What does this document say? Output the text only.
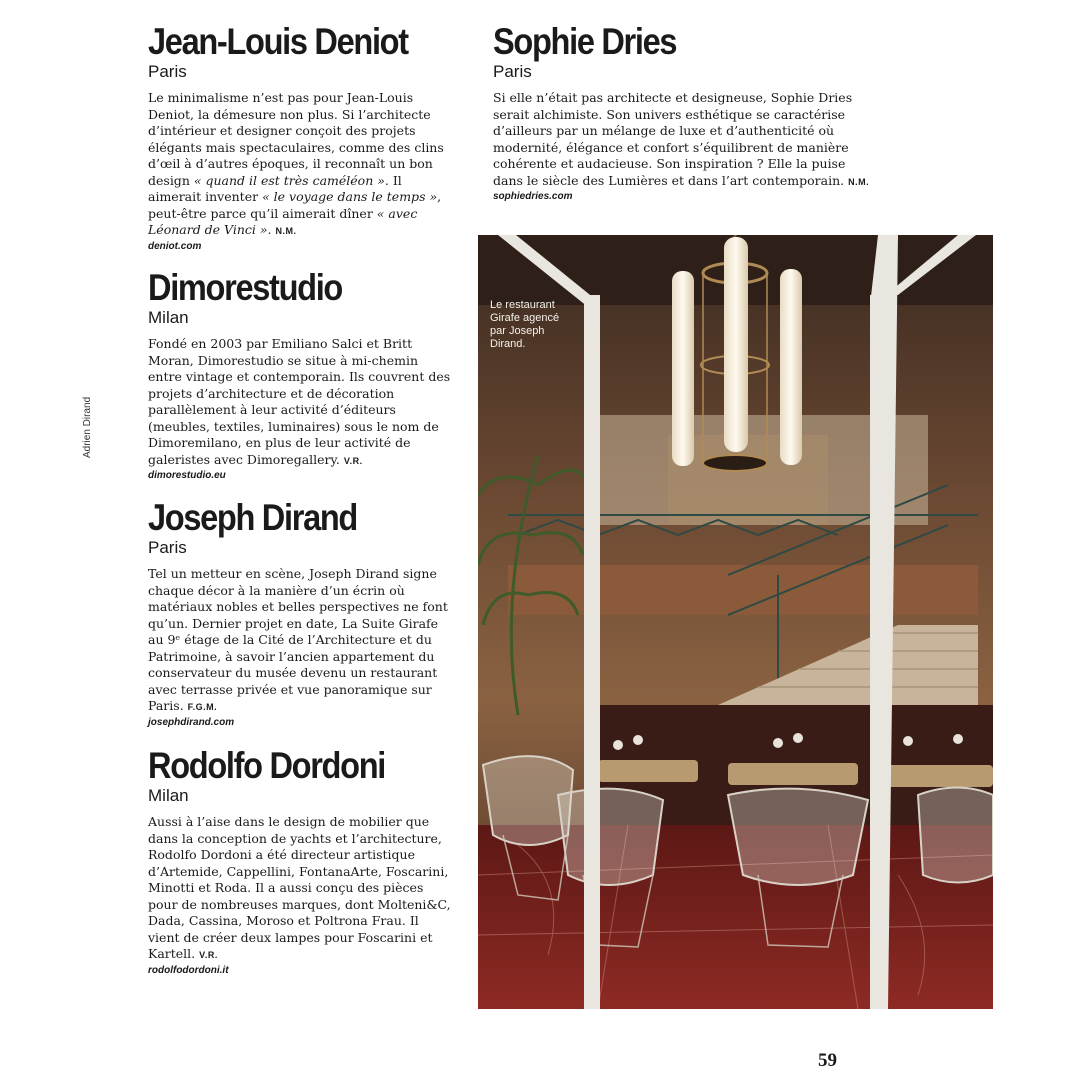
Jean-Louis Deniot
Paris

Le minimalisme n’est pas pour Jean-Louis Deniot, la démesure non plus. Si l’architecte d’intérieur et designer conçoit des projets élégants mais spectaculaires, comme des clins d’œil à d’autres époques, il reconnaît un bon design « quand il est très caméléon ». Il aimerait inventer « le voyage dans le temps », peut-être parce qu’il aimerait dîner « avec Léonard de Vinci ». N.M.

deniot.com
Dimorestudio
Milan

Fondé en 2003 par Emiliano Salci et Britt Moran, Dimorestudio se situe à mi-chemin entre vintage et contemporain. Ils couvrent des projets d’architecture et de décoration parallèlement à leur activité d’éditeurs (meubles, textiles, luminaires) sous le nom de Dimoremilano, en plus de leur activité de galeristes avec Dimoregallery. V.R.

dimorestudio.eu
Joseph Dirand
Paris

Tel un metteur en scène, Joseph Dirand signe chaque décor à la manière d’un écrin où matériaux nobles et belles perspectives ne font qu’un. Dernier projet en date, La Suite Girafe au 9ᵉ étage de la Cité de l’Architecture et du Patrimoine, à savoir l’ancien appartement du conservateur du musée devenu un restaurant avec terrasse privée et vue panoramique sur Paris. F.G.M.

josephdirand.com
Rodolfo Dordoni
Milan

Aussi à l’aise dans le design de mobilier que dans la conception de yachts et l’architecture, Rodolfo Dordoni a été directeur artistique d’Artemide, Cappellini, FontanaArte, Foscarini, Minotti et Roda. Il a aussi conçu des pièces pour de nombreuses marques, dont Molteni&C, Dada, Cassina, Moroso et Poltrona Frau. Il vient de créer deux lampes pour Foscarini et Kartell. V.R.

rodolfodordoni.it
Sophie Dries
Paris

Si elle n’était pas architecte et designeuse, Sophie Dries serait alchimiste. Son univers esthétique se caractérise d’ailleurs par un mélange de luxe et d’authenticité où modernité, élégance et confort s’équilibrent de manière cohérente et audacieuse. Son inspiration ? Elle la puise dans le siècle des Lumières et dans l’art contemporain. N.M.

sophiedries.com
Le restaurant Girafe agencé par Joseph Dirand.
Adrien Dirand
59
